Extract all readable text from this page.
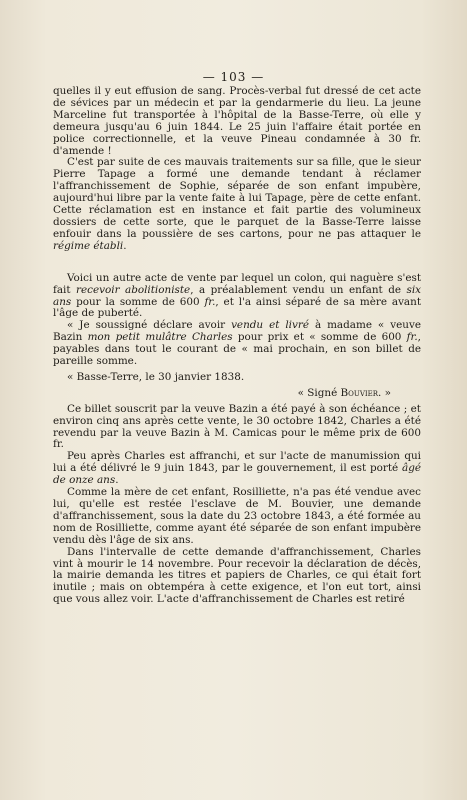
— 103 —

quelles il y eut effusion de sang. Procès-verbal fut dressé de cet acte de sévices par un médecin et par la gendarmerie du lieu. La jeune Marceline fut transportée à l'hôpital de la Basse-Terre, où elle y demeura jusqu'au 6 juin 1844. Le 25 juin l'affaire était portée en police correctionnelle, et la veuve Pineau condamnée à 30 fr. d'amende !

C'est par suite de ces mauvais traitements sur sa fille, que le sieur Pierre Tapage a formé une demande tendant à réclamer l'affranchissement de Sophie, séparée de son enfant impubère, aujourd'hui libre par la vente faite à lui Tapage, père de cette enfant. Cette réclamation est en instance et fait partie des volumineux dossiers de cette sorte, que le parquet de la Basse-Terre laisse enfouir dans la poussière de ses cartons, pour ne pas attaquer le régime établi.

Voici un autre acte de vente par lequel un colon, qui naguère s'est fait recevoir abolitioniste, a préalablement vendu un enfant de six ans pour la somme de 600 fr., et l'a ainsi séparé de sa mère avant l'âge de puberté.

« Je soussigné déclare avoir vendu et livré à madame « veuve Bazin mon petit mulâtre Charles pour prix et « somme de 600 fr., payables dans tout le courant de « mai prochain, en son billet de pareille somme.

« Basse-Terre, le 30 janvier 1838.

« Signé Bouvier. »

Ce billet souscrit par la veuve Bazin a été payé à son échéance ; et environ cinq ans après cette vente, le 30 octobre 1842, Charles a été revendu par la veuve Bazin à M. Camicas pour le même prix de 600 fr.

Peu après Charles est affranchi, et sur l'acte de manumission qui lui a été délivré le 9 juin 1843, par le gouvernement, il est porté âgé de onze ans.

Comme la mère de cet enfant, Rosilliette, n'a pas été vendue avec lui, qu'elle est restée l'esclave de M. Bouvier, une demande d'affranchissement, sous la date du 23 octobre 1843, a été formée au nom de Rosilliette, comme ayant été séparée de son enfant impubère vendu dès l'âge de six ans.

Dans l'intervalle de cette demande d'affranchissement, Charles vint à mourir le 14 novembre. Pour recevoir la déclaration de décès, la mairie demanda les titres et papiers de Charles, ce qui était fort inutile ; mais on obtempéra à cette exigence, et l'on eut tort, ainsi que vous allez voir. L'acte d'affranchissement de Charles est retiré
